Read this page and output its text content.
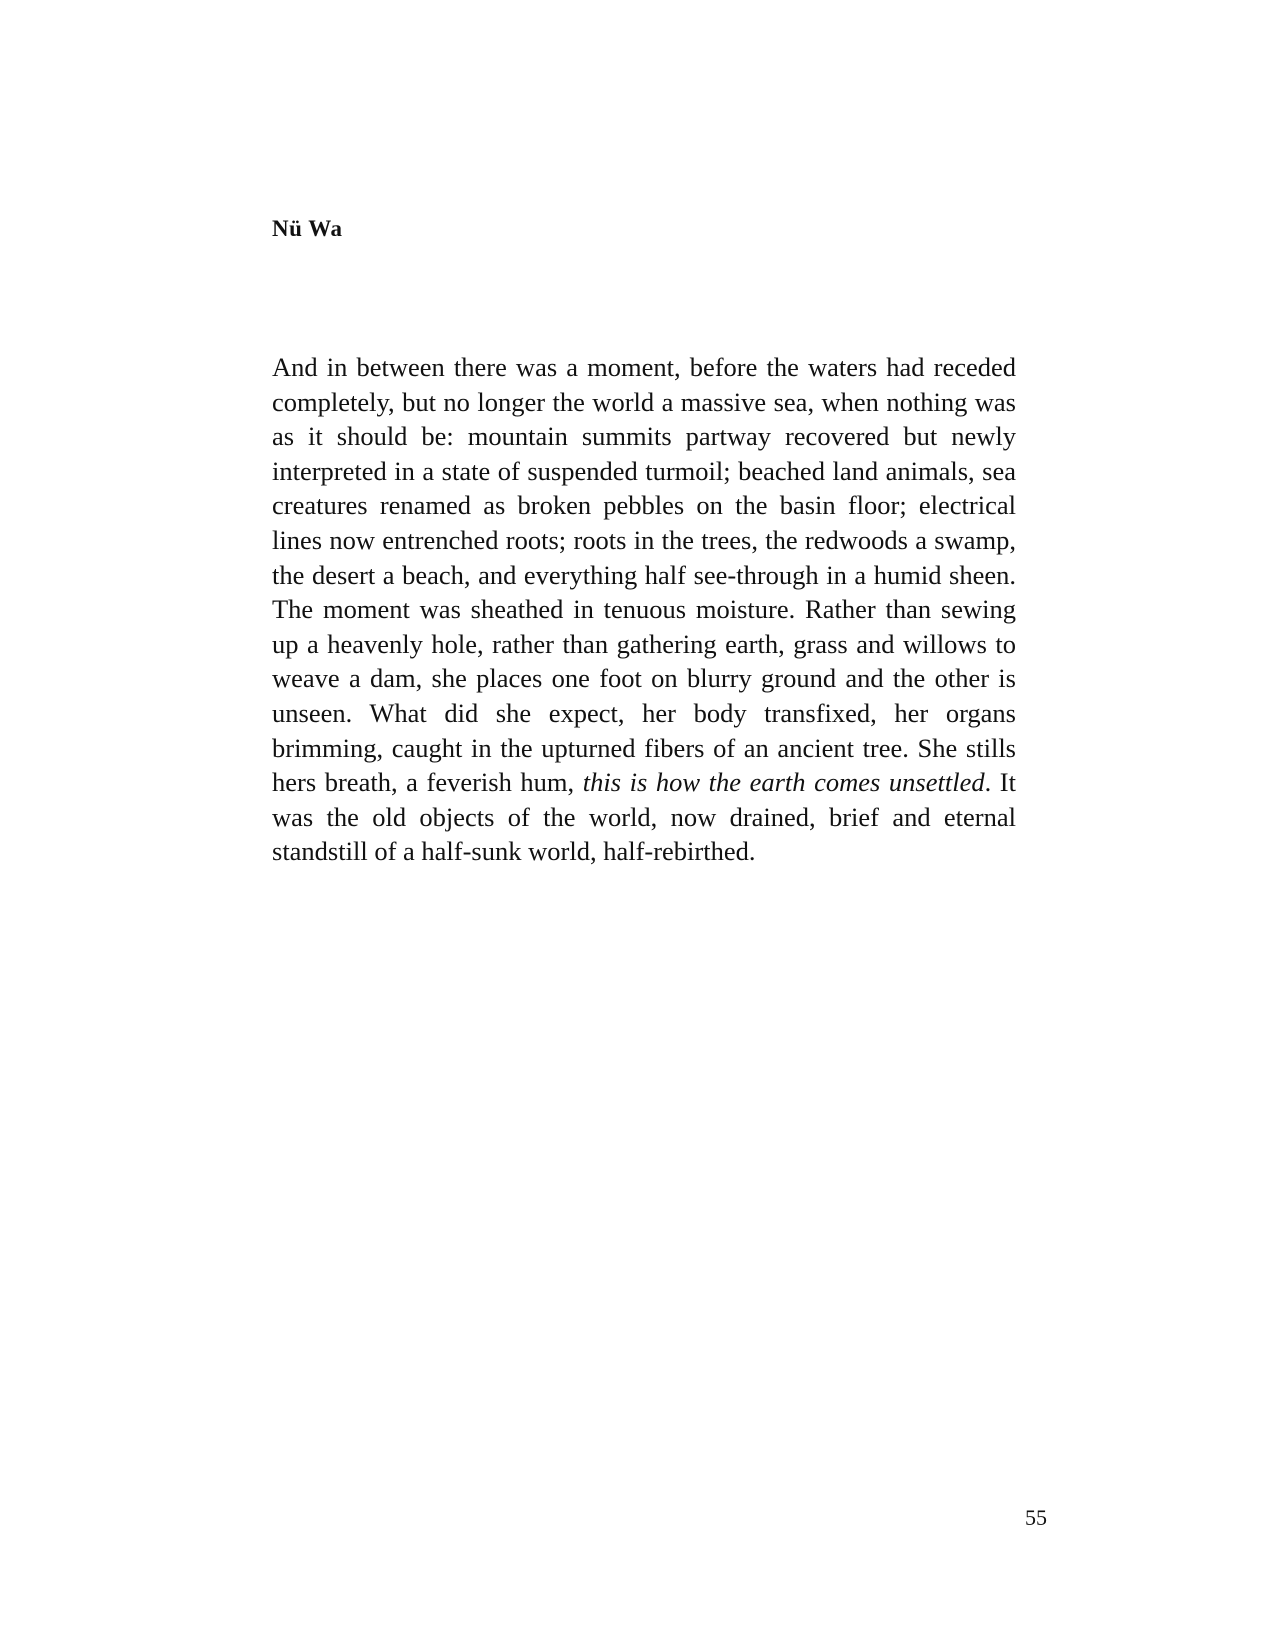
Nü Wa

And in between there was a moment, before the waters had receded completely, but no longer the world a massive sea, when nothing was as it should be: mountain summits partway recovered but newly interpreted in a state of suspended turmoil; beached land animals, sea creatures renamed as broken pebbles on the basin floor; electrical lines now entrenched roots; roots in the trees, the redwoods a swamp, the desert a beach, and everything half see-through in a humid sheen. The moment was sheathed in tenuous moisture. Rather than sewing up a heavenly hole, rather than gathering earth, grass and willows to weave a dam, she places one foot on blurry ground and the other is unseen. What did she expect, her body transfixed, her organs brimming, caught in the upturned fibers of an ancient tree. She stills hers breath, a feverish hum, this is how the earth comes unsettled. It was the old objects of the world, now drained, brief and eternal standstill of a half-sunk world, half-rebirthed.

55
